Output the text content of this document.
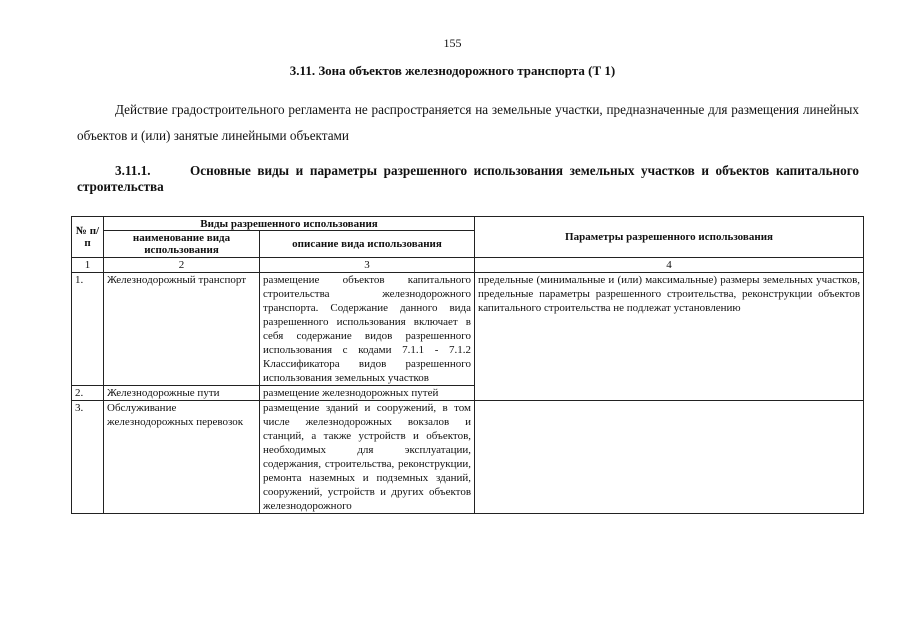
155
3.11. Зона объектов железнодорожного транспорта (Т 1)

Действие градостроительного регламента не распространяется на земельные участки, предназначенные для размещения линейных объектов и (или) занятые линейными объектами

3.11.1.	Основные виды и параметры разрешенного использования земельных участков и объектов капитального строительства

№ п/п	Виды разрешенного использования		Параметры разрешенного использования
	наименование вида использования	описание вида использования	
1	2	3	4
1.	Железнодорожный транспорт	размещение объектов капитального строительства железнодорожного транспорта. Содержание данного вида разрешенного использования включает в себя содержание видов разрешенного использования с кодами 7.1.1 - 7.1.2 Классификатора видов разрешенного использования земельных участков	предельные (минимальные и (или) максимальные) размеры земельных участков, предельные параметры разрешенного строительства, реконструкции объектов капитального строительства не подлежат установлению
2.	Железнодорожные пути	размещение железнодорожных путей	
3.	Обслуживание железнодорожных перевозок	размещение зданий и сооружений, в том числе железнодорожных вокзалов и станций, а также устройств и объектов, необходимых для эксплуатации, содержания, строительства, реконструкции, ремонта наземных и подземных зданий, сооружений, устройств и других объектов железнодорожного	
